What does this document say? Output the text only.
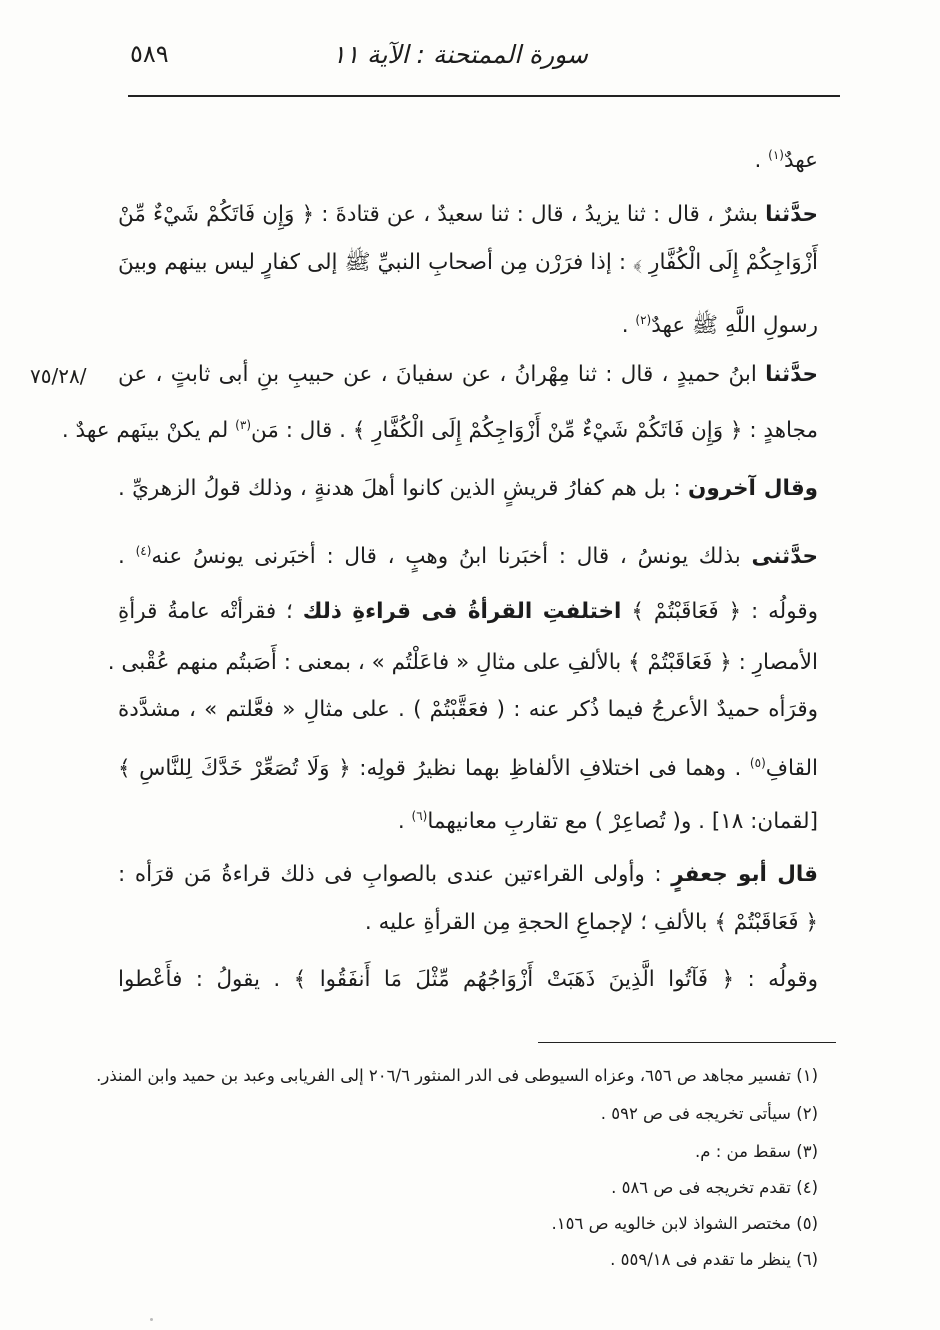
سورة الممتحنة : الآية ١١
٥٨٩
/٧٥/٢٨
عهدٌ$^{(١)}$ .
حدَّثنا بشرٌ ، قال : ثنا يزيدُ ، قال : ثنا سعيدٌ ، عن قتادةَ : ﴿ وَإِن فَاتَكُمْ شَيْءٌ مِّنْ
أَزْوَاجِكُمْ إِلَى الْكُفَّارِ ﴾ : إذا فرَرْن مِن أصحابِ النبيِّ ﷺ إلى كفارٍ ليس بينهم وبينَ
رسولِ اللَّهِ ﷺ عهدٌ$^{(٢)}$ .
حدَّثنا ابنُ حميدٍ ، قال : ثنا مِهْرانُ ، عن سفيانَ ، عن حبيبِ بنِ أبى ثابتٍ ، عن
مجاهدٍ : ﴿ وَإِن فَاتَكُمْ شَيْءٌ مِّنْ أَزْوَاجِكُمْ إِلَى الْكُفَّارِ ﴾ . قال : مَن$^{(٣)}$ لم يكنْ بينَهم عهدٌ .
وقال آخرون : بل هم كفارُ قريشٍ الذين كانوا أهلَ هدنةٍ ، وذلك قولُ الزهريِّ .
حدَّثنى بذلك يونسُ ، قال : أخبَرنا ابنُ وهبٍ ، قال : أخبَرنى يونسُ عنه$^{(٤)}$ .
وقولُه : ﴿ فَعَاقَبْتُمْ ﴾ اختلفتِ القرأةُ فى قراءةِ ذلك ؛ فقرأتْه عامةُ قرأةِ
الأمصارِ : ﴿ فَعَاقَبْتُمْ ﴾ بالألفِ على مثالِ « فاعَلْتُم » ، بمعنى : أَصَبتُم منهم عُقْبى .
وقرَأه حميدٌ الأعرجُ فيما ذُكر عنه : ( فعَقَّبْتُمْ ) . على مثالِ « فعَّلتم » ، مشدَّدة
القافِ$^{(٥)}$ . وهما فى اختلافِ الألفاظِ بهما نظيرُ قولِه: ﴿ وَلَا تُصَعِّرْ خَدَّكَ لِلنَّاسِ ﴾
[لقمان: ١٨] . و( تُصاعِرْ ) مع تقاربِ معانيهما$^{(٦)}$ .
قال أبو جعفرٍ : وأولى القراءتين عندى بالصوابِ فى ذلك قراءةُ مَن قرَأه :
﴿ فَعَاقَبْتُمْ ﴾ بالألفِ ؛ لإجماعِ الحجةِ مِن القرأةِ عليه .
وقولُه : ﴿ فَآتُوا الَّذِينَ ذَهَبَتْ أَزْوَاجُهُم مِّثْلَ مَا أَنفَقُوا ﴾ . يقولُ : فأَعْطوا
(١) تفسير مجاهد ص ٦٥٦، وعزاه السيوطى فى الدر المنثور ٢٠٦/٦ إلى الفريابى وعبد بن حميد وابن المنذر.
(٢) سيأتى تخريجه فى ص ٥٩٢ .
(٣) سقط من : م.
(٤) تقدم تخريجه فى ص ٥٨٦ .
(٥) مختصر الشواذ لابن خالويه ص ١٥٦.
(٦) ينظر ما تقدم فى ٥٥٩/١٨ .
